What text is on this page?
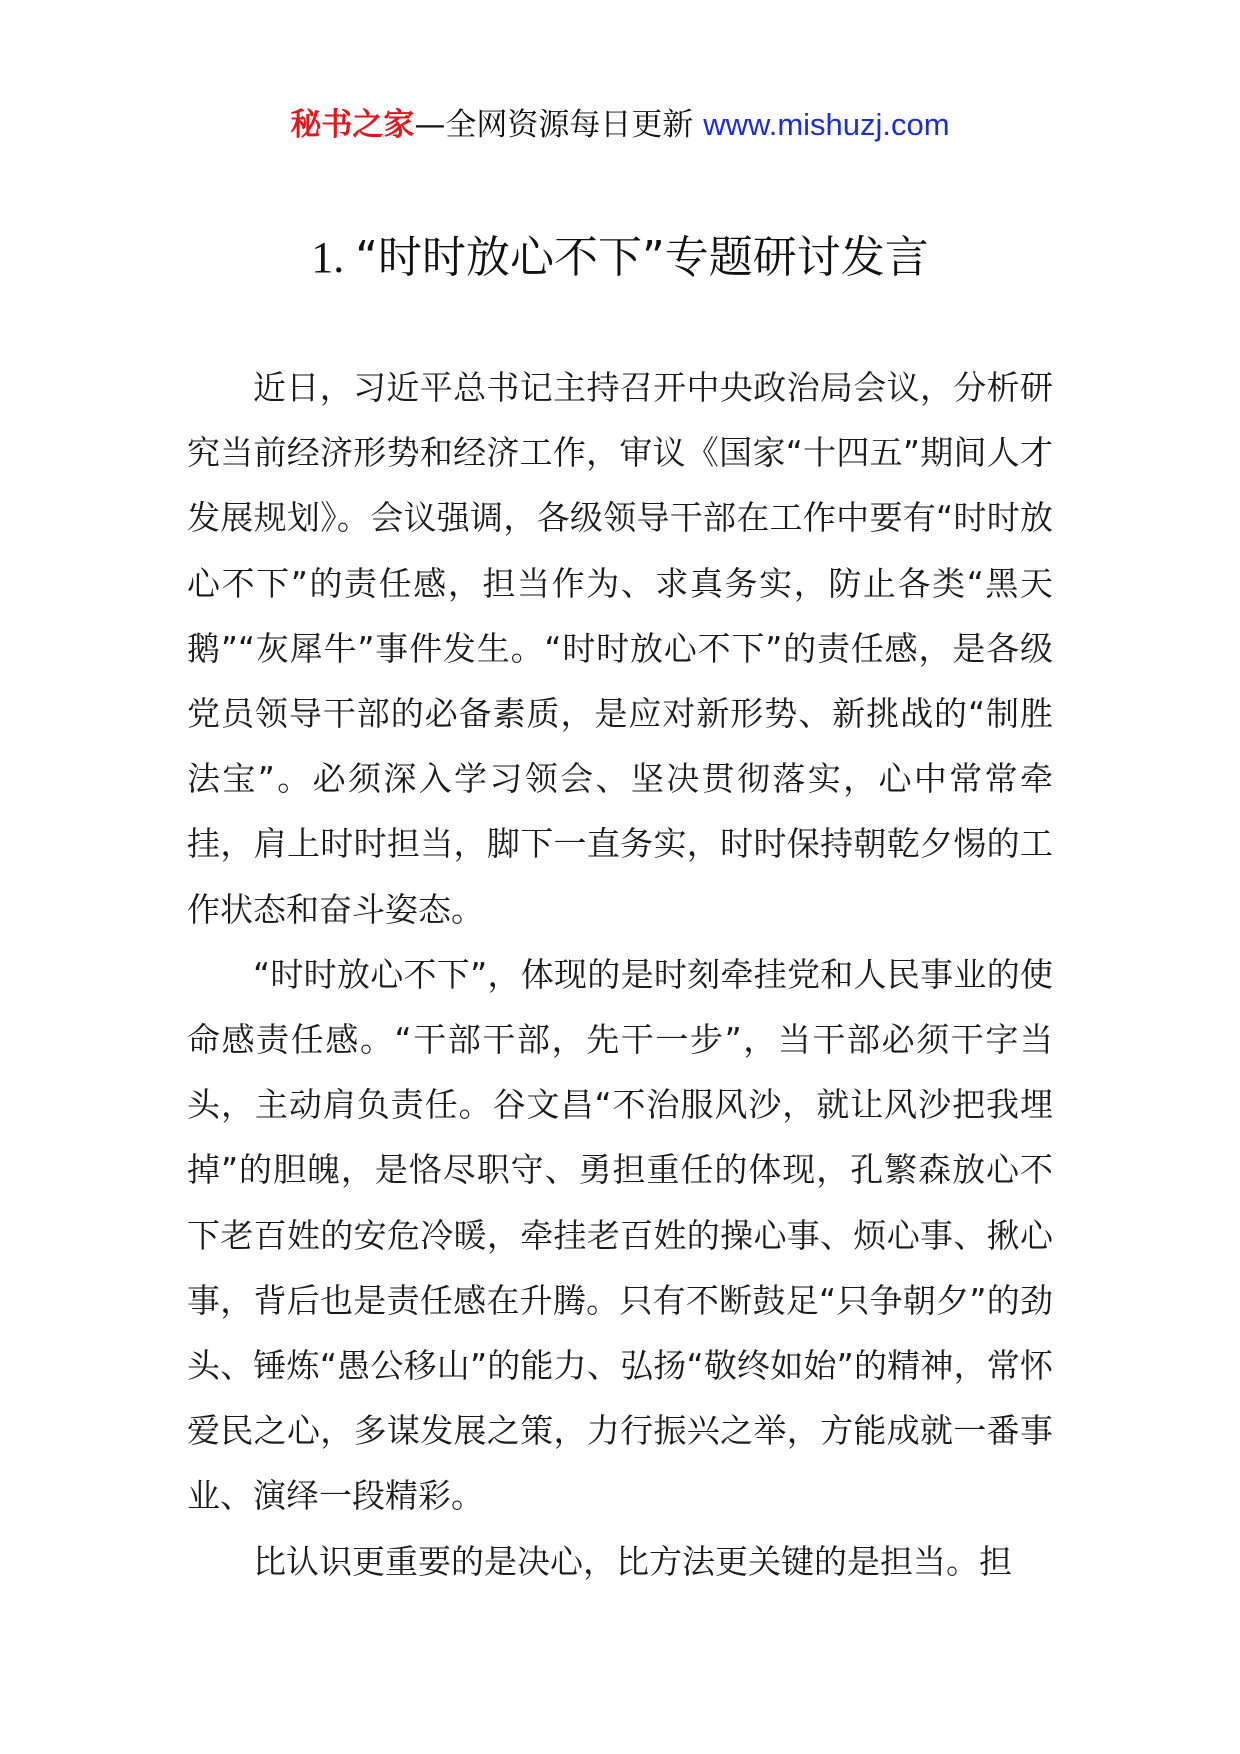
秘书之家—全网资源每日更新 www.mishuzj.com
1. “时时放心不下”专题研讨发言

近日，习近平总书记主持召开中央政治局会议，分析研究当前经济形势和经济工作，审议《国家“十四五”期间人才发展规划》。会议强调，各级领导干部在工作中要有“时时放心不下”的责任感，担当作为、求真务实，防止各类“黑天鹅”“灰犀牛”事件发生。“时时放心不下”的责任感，是各级党员领导干部的必备素质，是应对新形势、新挑战的“制胜法宝”。必须深入学习领会、坚决贯彻落实，心中常常牵挂，肩上时时担当，脚下一直务实，时时保持朝乾夕惕的工作状态和奋斗姿态。

“时时放心不下”，体现的是时刻牵挂党和人民事业的使命感责任感。“干部干部，先干一步”，当干部必须干字当头，主动肩负责任。谷文昌“不治服风沙，就让风沙把我埋掉”的胆魄，是恪尽职守、勇担重任的体现，孔繁森放心不下老百姓的安危冷暖，牵挂老百姓的操心事、烦心事、揪心事，背后也是责任感在升腾。只有不断鼓足“只争朝夕”的劲头、锤炼“愚公移山”的能力、弘扬“敬终如始”的精神，常怀爱民之心，多谋发展之策，力行振兴之举，方能成就一番事业、演绎一段精彩。

比认识更重要的是决心，比方法更关键的是担当。担
